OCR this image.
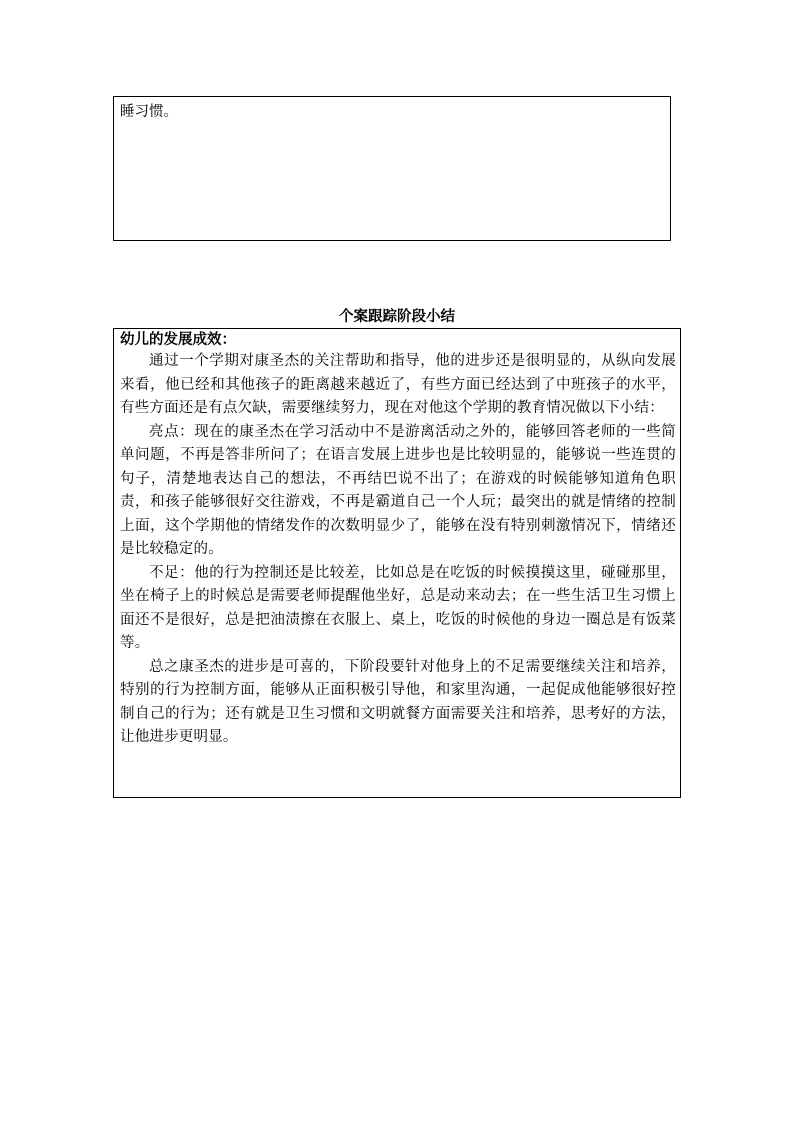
睡习惯。
个案跟踪阶段小结

幼儿的发展成效：

通过一个学期对康圣杰的关注帮助和指导，他的进步还是很明显的，从纵向发展来看，他已经和其他孩子的距离越来越近了，有些方面已经达到了中班孩子的水平，有些方面还是有点欠缺，需要继续努力，现在对他这个学期的教育情况做以下小结：

亮点：现在的康圣杰在学习活动中不是游离活动之外的，能够回答老师的一些简单问题，不再是答非所问了；在语言发展上进步也是比较明显的，能够说一些连贯的句子，清楚地表达自己的想法，不再结巴说不出了；在游戏的时候能够知道角色职责，和孩子能够很好交往游戏，不再是霸道自己一个人玩；最突出的就是情绪的控制上面，这个学期他的情绪发作的次数明显少了，能够在没有特别刺激情况下，情绪还是比较稳定的。

不足：他的行为控制还是比较差，比如总是在吃饭的时候摸摸这里，碰碰那里，坐在椅子上的时候总是需要老师提醒他坐好，总是动来动去；在一些生活卫生习惯上面还不是很好，总是把油渍擦在衣服上、桌上，吃饭的时候他的身边一圈总是有饭菜等。

总之康圣杰的进步是可喜的，下阶段要针对他身上的不足需要继续关注和培养，特别的行为控制方面，能够从正面积极引导他，和家里沟通，一起促成他能够很好控制自己的行为；还有就是卫生习惯和文明就餐方面需要关注和培养，思考好的方法，让他进步更明显。
